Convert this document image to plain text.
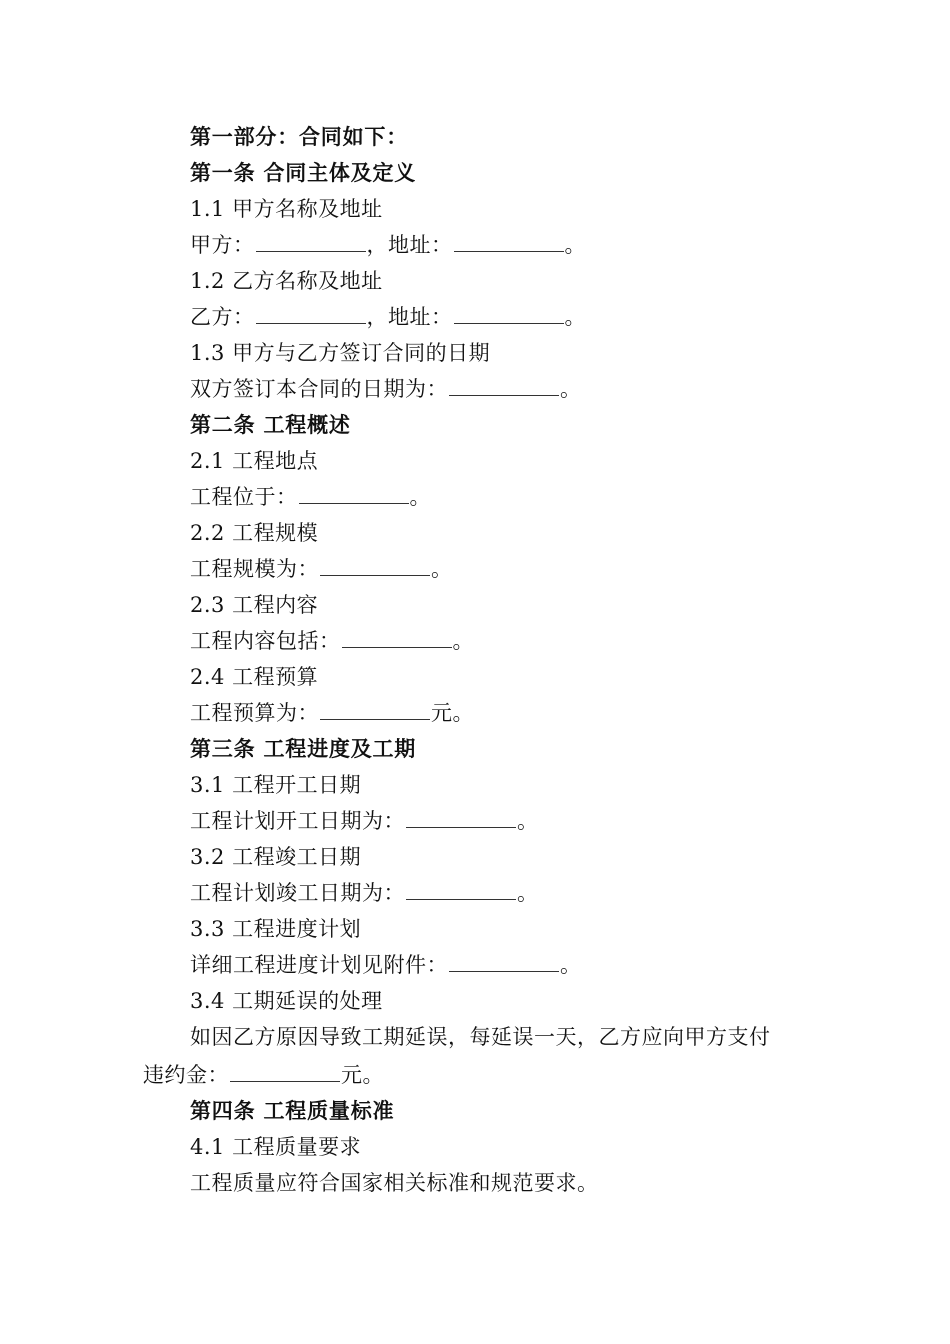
第一部分：合同如下：
第一条 合同主体及定义
1.1 甲方名称及地址
甲方：	，地址：	。
1.2 乙方名称及地址
乙方：	，地址：	。
1.3 甲方与乙方签订合同的日期
双方签订本合同的日期为：	。
第二条 工程概述
2.1 工程地点
工程位于：	。
2.2 工程规模
工程规模为：	。
2.3 工程内容
工程内容包括：	。
2.4 工程预算
工程预算为：	元。
第三条 工程进度及工期
3.1 工程开工日期
工程计划开工日期为：	。
3.2 工程竣工日期
工程计划竣工日期为：	。
3.3 工程进度计划
详细工程进度计划见附件：	。
3.4 工期延误的处理
如因乙方原因导致工期延误，每延误一天，乙方应向甲方支付
违约金：	元。
第四条 工程质量标准
4.1 工程质量要求
工程质量应符合国家相关标准和规范要求。
